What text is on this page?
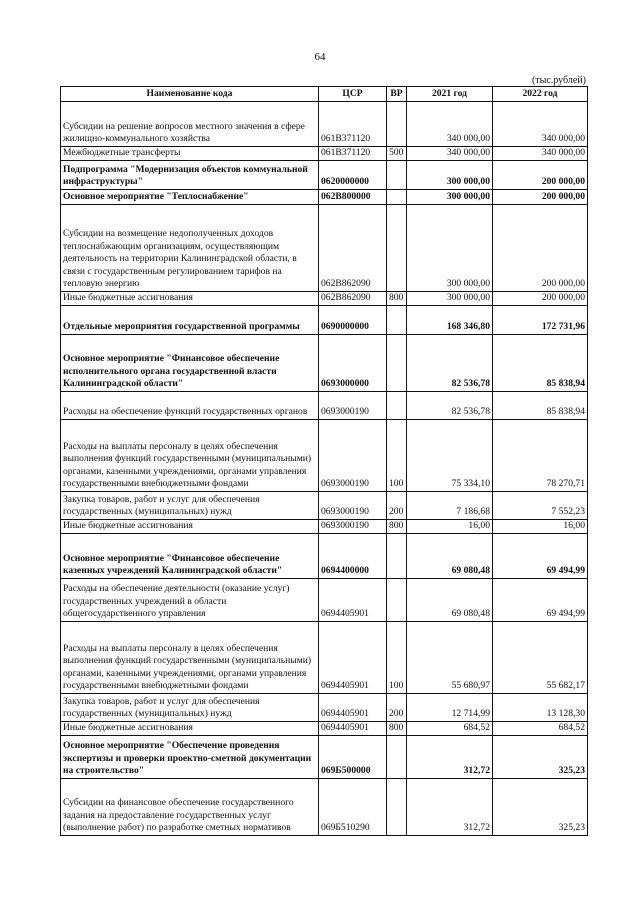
64
(тыс.рублей)
Наименование кода	ЦСР	ВР	2021 год	2022 год
Субсидии на решение вопросов местного значения в сфере жилищно-коммунального хозяйства	061В371120		340 000,00	340 000,00
Межбюджетные трансферты	061В371120	500	340 000,00	340 000,00
Подпрограмма "Модернизация объектов коммунальной инфраструктуры"	0620000000		300 000,00	200 000,00
Основное мероприятие "Теплоснабжение"	062В800000		300 000,00	200 000,00
Субсидии на возмещение недополученных доходов теплоснабжающим организациям, осуществляющим деятельность на территории Калининградской области, в связи с государственным регулированием тарифов на тепловую энергию	062В862090		300 000,00	200 000,00
Иные бюджетные ассигнования	062В862090	800	300 000,00	200 000,00
Отдельные мероприятия государственной программы	0690000000		168 346,80	172 731,96
Основное мероприятие "Финансовое обеспечение исполнительного органа государственной власти Калининградской области"	0693000000		82 536,78	85 838,94
Расходы на обеспечение функций государственных органов	0693000190		82 536,78	85 838,94
Расходы на выплаты персоналу в целях обеспечения выполнения функций государственными (муниципальными) органами, казенными учреждениями, органами управления государственными внебюджетными фондами	0693000190	100	75 334,10	78 270,71
Закупка товаров, работ и услуг для обеспечения государственных (муниципальных) нужд	0693000190	200	7 186,68	7 552,23
Иные бюджетные ассигнования	0693000190	800	16,00	16,00
Основное мероприятие "Финансовое обеспечение казенных учреждений Калининградской области"	0694400000		69 080,48	69 494,99
Расходы на обеспечение деятельности (оказание услуг) государственных учреждений в области общегосударственного управления	0694405901		69 080,48	69 494,99
Расходы на выплаты персоналу в целях обеспечения выполнения функций государственными (муниципальными) органами, казенными учреждениями, органами управления государственными внебюджетными фондами	0694405901	100	55 680,97	55 682,17
Закупка товаров, работ и услуг для обеспечения государственных (муниципальных) нужд	0694405901	200	12 714,99	13 128,30
Иные бюджетные ассигнования	0694405901	800	684,52	684,52
Основное мероприятие "Обеспечение проведения экспертизы и проверки проектно-сметной документации на строительство"	069Б500000		312,72	325,23
Субсидии на финансовое обеспечение государственного задания на предоставление государственных услуг (выполнение работ) по разработке сметных нормативов	069Б510290		312,72	325,23
